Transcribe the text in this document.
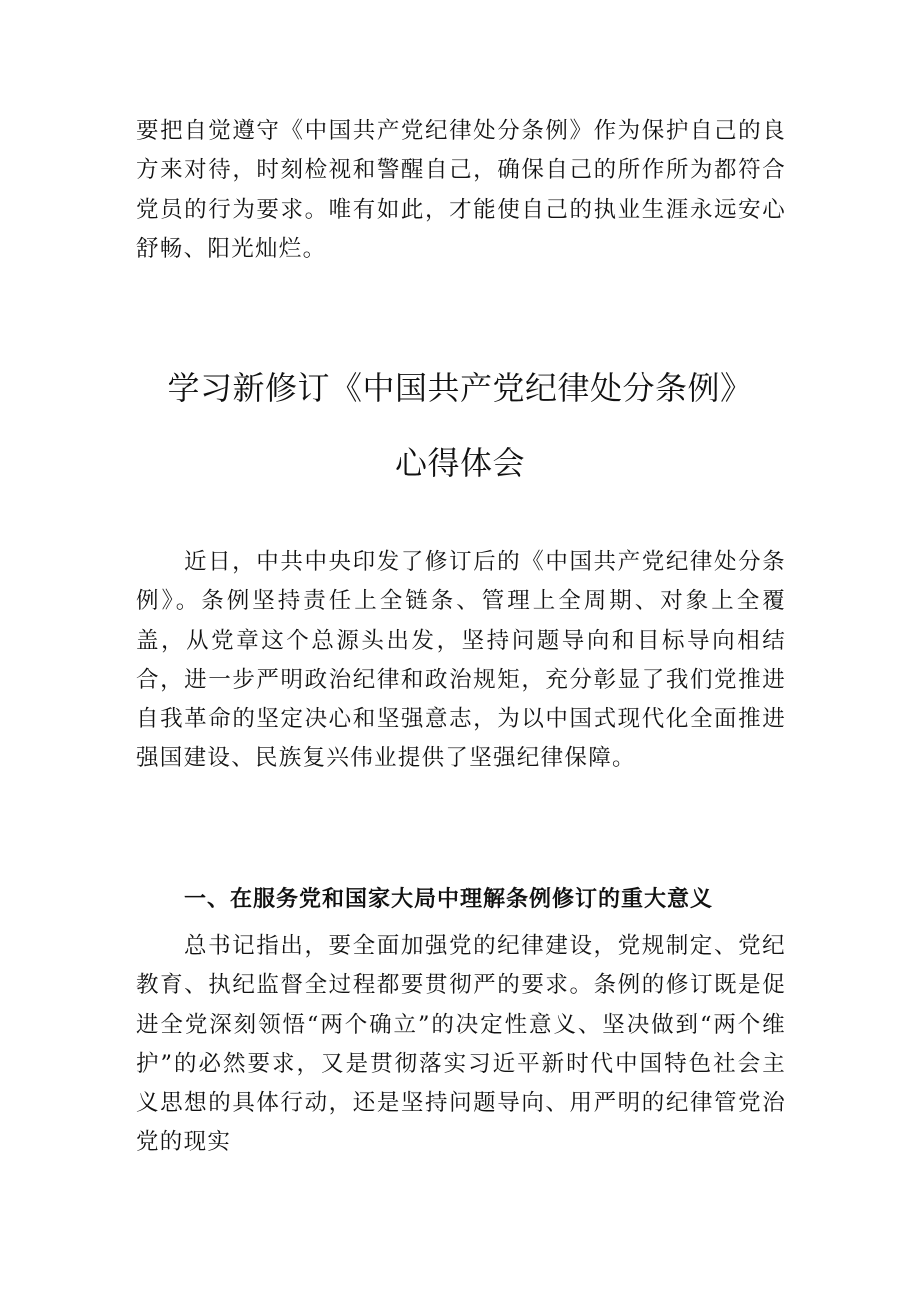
要把自觉遵守《中国共产党纪律处分条例》作为保护自己的良方来对待，时刻检视和警醒自己，确保自己的所作所为都符合党员的行为要求。唯有如此，才能使自己的执业生涯永远安心舒畅、阳光灿烂。

学习新修订《中国共产党纪律处分条例》
心得体会

近日，中共中央印发了修订后的《中国共产党纪律处分条例》。条例坚持责任上全链条、管理上全周期、对象上全覆盖，从党章这个总源头出发，坚持问题导向和目标导向相结合，进一步严明政治纪律和政治规矩，充分彰显了我们党推进自我革命的坚定决心和坚强意志，为以中国式现代化全面推进强国建设、民族复兴伟业提供了坚强纪律保障。

一、在服务党和国家大局中理解条例修订的重大意义

总书记指出，要全面加强党的纪律建设，党规制定、党纪教育、执纪监督全过程都要贯彻严的要求。条例的修订既是促进全党深刻领悟“两个确立”的决定性意义、坚决做到“两个维护”的必然要求，又是贯彻落实习近平新时代中国特色社会主义思想的具体行动，还是坚持问题导向、用严明的纪律管党治党的现实
